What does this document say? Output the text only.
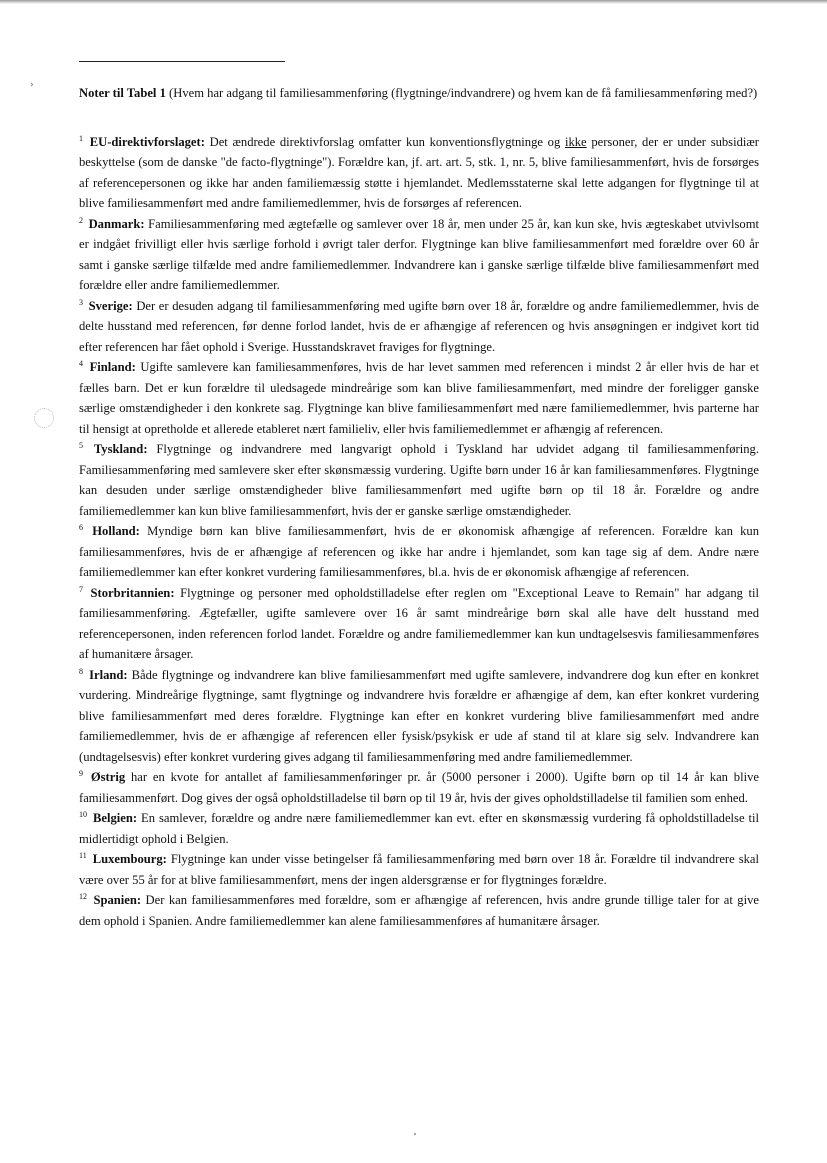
›

Noter til Tabel 1 (Hvem har adgang til familiesammenføring (flygtninge/indvandrere) og hvem kan de få familiesammenføring med?)

$^1$ EU-direktivforslaget: Det ændrede direktivforslag omfatter kun konventionsflygtninge og ikke personer, der er under subsidiær beskyttelse (som de danske "de facto-flygtninge"). Forældre kan, jf. art. art. 5, stk. 1, nr. 5, blive familiesammenført, hvis de forsørges af referencepersonen og ikke har anden familiemæssig støtte i hjemlandet. Medlemsstaterne skal lette adgangen for flygtninge til at blive familiesammenført med andre familiemedlemmer, hvis de forsørges af referencen.

$^2$ Danmark: Familiesammenføring med ægtefælle og samlever over 18 år, men under 25 år, kan kun ske, hvis ægteskabet utvivlsomt er indgået frivilligt eller hvis særlige forhold i øvrigt taler derfor. Flygtninge kan blive familiesammenført med forældre over 60 år samt i ganske særlige tilfælde med andre familiemedlemmer. Indvandrere kan i ganske særlige tilfælde blive familiesammenført med forældre eller andre familiemedlemmer.

$^3$ Sverige: Der er desuden adgang til familiesammenføring med ugifte børn over 18 år, forældre og andre familiemedlemmer, hvis de delte husstand med referencen, før denne forlod landet, hvis de er afhængige af referencen og hvis ansøgningen er indgivet kort tid efter referencen har fået ophold i Sverige. Husstandskravet fraviges for flygtninge.

$^4$ Finland: Ugifte samlevere kan familiesammenføres, hvis de har levet sammen med referencen i mindst 2 år eller hvis de har et fælles barn. Det er kun forældre til uledsagede mindreårige som kan blive familiesammenført, med mindre der foreligger ganske særlige omstændigheder i den konkrete sag. Flygtninge kan blive familiesammenført med nære familiemedlemmer, hvis parterne har til hensigt at opretholde et allerede etableret nært familieliv, eller hvis familiemedlemmet er afhængig af referencen.

$^5$ Tyskland: Flygtninge og indvandrere med langvarigt ophold i Tyskland har udvidet adgang til familiesammenføring. Familiesammenføring med samlevere sker efter skønsmæssig vurdering. Ugifte børn under 16 år kan familiesammenføres. Flygtninge kan desuden under særlige omstændigheder blive familiesammenført med ugifte børn op til 18 år. Forældre og andre familiemedlemmer kan kun blive familiesammenført, hvis der er ganske særlige omstændigheder.

$^6$ Holland: Myndige børn kan blive familiesammenført, hvis de er økonomisk afhængige af referencen. Forældre kan kun familiesammenføres, hvis de er afhængige af referencen og ikke har andre i hjemlandet, som kan tage sig af dem. Andre nære familiemedlemmer kan efter konkret vurdering familiesammenføres, bl.a. hvis de er økonomisk afhængige af referencen.

$^7$ Storbritannien: Flygtninge og personer med opholdstilladelse efter reglen om "Exceptional Leave to Remain" har adgang til familiesammenføring. Ægtefæller, ugifte samlevere over 16 år samt mindreårige børn skal alle have delt husstand med referencepersonen, inden referencen forlod landet. Forældre og andre familiemedlemmer kan kun undtagelsesvis familiesammenføres af humanitære årsager.

$^8$ Irland: Både flygtninge og indvandrere kan blive familiesammenført med ugifte samlevere, indvandrere dog kun efter en konkret vurdering. Mindreårige flygtninge, samt flygtninge og indvandrere hvis forældre er afhængige af dem, kan efter konkret vurdering blive familiesammenført med deres forældre. Flygtninge kan efter en konkret vurdering blive familiesammenført med andre familiemedlemmer, hvis de er afhængige af referencen eller fysisk/psykisk er ude af stand til at klare sig selv. Indvandrere kan (undtagelsesvis) efter konkret vurdering gives adgang til familiesammenføring med andre familiemedlemmer.

$^9$ Østrig har en kvote for antallet af familiesammenføringer pr. år (5000 personer i 2000). Ugifte børn op til 14 år kan blive familiesammenført. Dog gives der også opholdstilladelse til børn op til 19 år, hvis der gives opholdstilladelse til familien som enhed.

$^{10}$ Belgien: En samlever, forældre og andre nære familiemedlemmer kan evt. efter en skønsmæssig vurdering få opholdstilladelse til midlertidigt ophold i Belgien.

$^{11}$ Luxembourg: Flygtninge kan under visse betingelser få familiesammenføring med børn over 18 år. Forældre til indvandrere skal være over 55 år for at blive familiesammenført, mens der ingen aldersgrænse er for flygtninges forældre.

$^{12}$ Spanien: Der kan familiesammenføres med forældre, som er afhængige af referencen, hvis andre grunde tillige taler for at give dem ophold i Spanien. Andre familiemedlemmer kan alene familiesammenføres af humanitære årsager.
